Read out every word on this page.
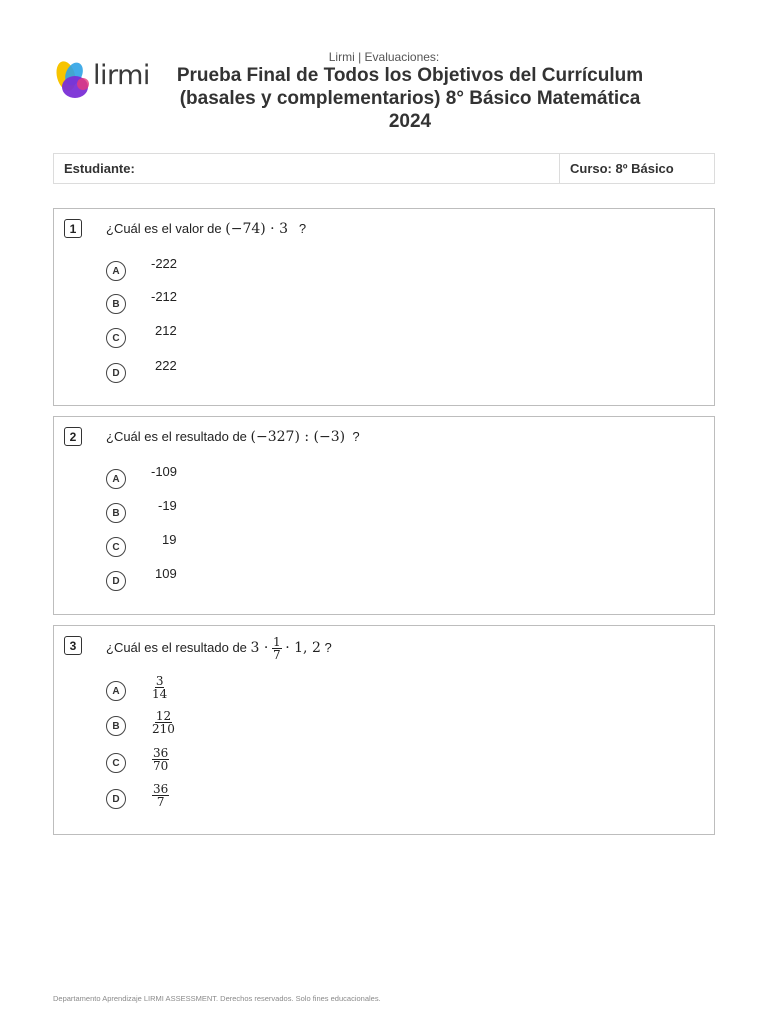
lirmi
Lirmi | Evaluaciones:
Prueba Final de Todos los Objetivos del Currículum
(basales y complementarios) 8° Básico Matemática
2024
Estudiante:	Curso: 8º Básico
1	¿Cuál es el valor de (−74) · 3 ?
A	-222
B	-212
C	212
D	222
2	¿Cuál es el resultado de (−327) : (−3) ?
A	-109
B	-19
C	19
D	109
3	¿Cuál es el resultado de $3 \cdot \frac{1}{7} \cdot 1$, 2 ?
A	$\frac{3}{14}$
B	$\frac{12}{210}$
C	$\frac{36}{70}$
D	$\frac{36}{7}$
Departamento Aprendizaje LIRMI ASSESSMENT. Derechos reservados. Solo fines educacionales.
